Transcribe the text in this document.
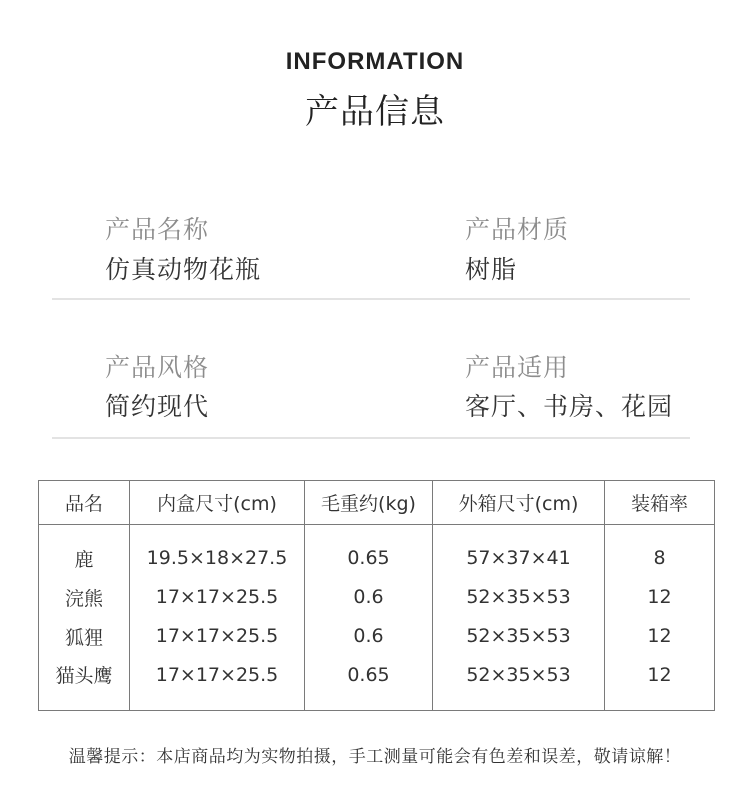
INFORMATION
产品信息
产品名称
仿真动物花瓶
产品材质
树脂
产品风格
简约现代
产品适用
客厅、书房、花园
品名	内盒尺寸(cm)	毛重约(kg)	外箱尺寸(cm)	装箱率
鹿	19.5×18×27.5	0.65	57×37×41	8
浣熊	17×17×25.5	0.6	52×35×53	12
狐狸	17×17×25.5	0.6	52×35×53	12
猫头鹰	17×17×25.5	0.65	52×35×53	12
温馨提示：本店商品均为实物拍摄，手工测量可能会有色差和误差，敬请谅解！
